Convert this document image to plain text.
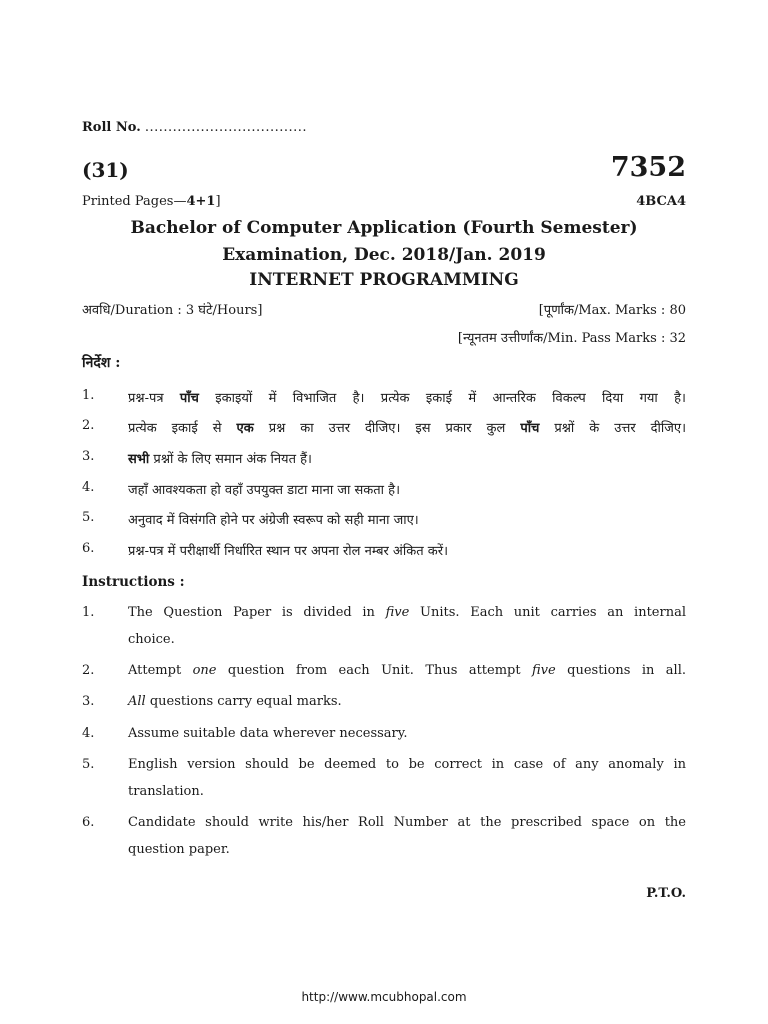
Roll No. ...................................
(31)	7352
Printed Pages—4+1]	4BCA4
Bachelor of Computer Application (Fourth Semester)
Examination, Dec. 2018/Jan. 2019
INTERNET PROGRAMMING
अवधि/Duration : 3 घंटे/Hours]	[पूर्णांक/Max. Marks : 80
[न्यूनतम उत्तीर्णांक/Min. Pass Marks : 32
निर्देश :
1.	प्रश्न-पत्र पाँच इकाइयों में विभाजित है। प्रत्येक इकाई में आन्तरिक विकल्प दिया गया है।
2.	प्रत्येक इकाई से एक प्रश्न का उत्तर दीजिए। इस प्रकार कुल पाँच प्रश्नों के उत्तर दीजिए।
3.	सभी प्रश्नों के लिए समान अंक नियत हैं।
4.	जहाँ आवश्यकता हो वहाँ उपयुक्त डाटा माना जा सकता है।
5.	अनुवाद में विसंगति होने पर अंग्रेजी स्वरूप को सही माना जाए।
6.	प्रश्न-पत्र में परीक्षार्थी निर्धारित स्थान पर अपना रोल नम्बर अंकित करें।
Instructions :
1.	The Question Paper is divided in five Units. Each unit carries an internal
choice.
2.	Attempt one question from each Unit. Thus attempt five questions in all.
3.	All questions carry equal marks.
4.	Assume suitable data wherever necessary.
5.	English version should be deemed to be correct in case of any anomaly in
translation.
6.	Candidate should write his/her Roll Number at the prescribed space on the
question paper.
P.T.O.
http://www.mcubhopal.com
